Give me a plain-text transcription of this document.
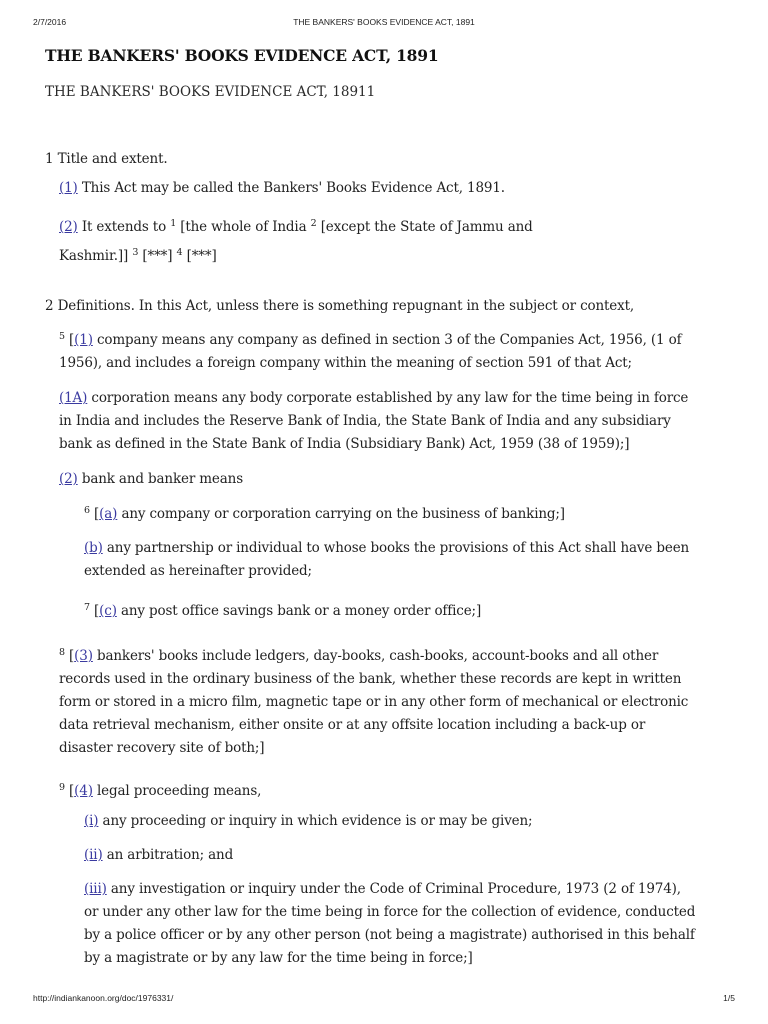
2/7/2016	THE BANKERS' BOOKS EVIDENCE ACT, 1891
THE BANKERS' BOOKS EVIDENCE ACT, 1891
THE BANKERS' BOOKS EVIDENCE ACT, 18911
1 Title and extent.
(1) This Act may be called the Bankers' Books Evidence Act, 1891.
(2) It extends to $^1$ [the whole of India $^2$ [except the State of Jammu and
Kashmir.]] $^3$ [***] $^4$ [***]
2 Definitions. In this Act, unless there is something repugnant in the subject or context,
$^5$ [(1) company means any company as defined in section 3 of the Companies Act, 1956, (1 of
1956), and includes a foreign company within the meaning of section 591 of that Act;
(1A) corporation means any body corporate established by any law for the time being in force
in India and includes the Reserve Bank of India, the State Bank of India and any subsidiary
bank as defined in the State Bank of India (Subsidiary Bank) Act, 1959 (38 of 1959);]
(2) bank and banker means
$^6$ [(a) any company or corporation carrying on the business of banking;]
(b) any partnership or individual to whose books the provisions of this Act shall have been
extended as hereinafter provided;
$^7$ [(c) any post office savings bank or a money order office;]
$^8$ [(3) bankers' books include ledgers, day-books, cash-books, account-books and all other
records used in the ordinary business of the bank, whether these records are kept in written
form or stored in a micro film, magnetic tape or in any other form of mechanical or electronic
data retrieval mechanism, either onsite or at any offsite location including a back-up or
disaster recovery site of both;]
$^9$ [(4) legal proceeding means,
(i) any proceeding or inquiry in which evidence is or may be given;
(ii) an arbitration; and
(iii) any investigation or inquiry under the Code of Criminal Procedure, 1973 (2 of 1974),
or under any other law for the time being in force for the collection of evidence, conducted
by a police officer or by any other person (not being a magistrate) authorised in this behalf
by a magistrate or by any law for the time being in force;]
http://indiankanoon.org/doc/1976331/	1/5
